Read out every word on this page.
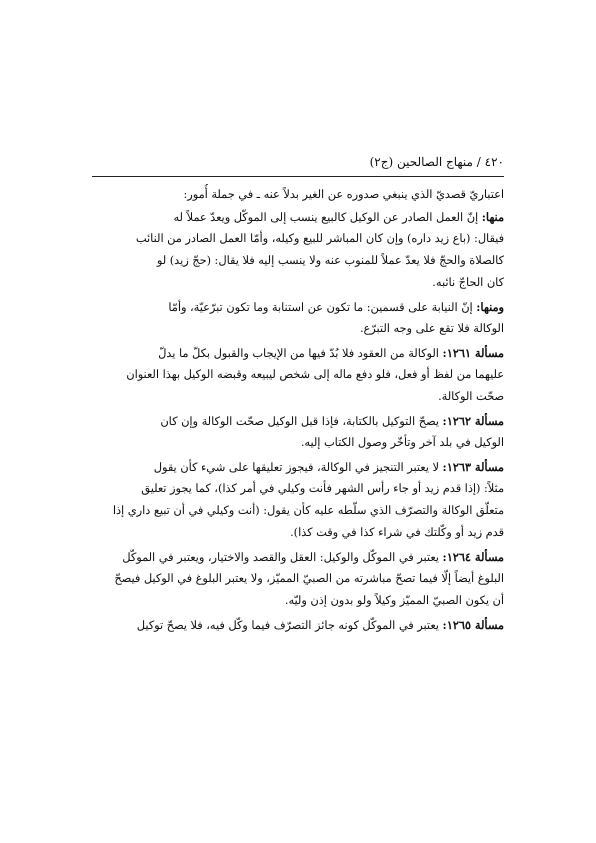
٤٢٠ / منهاج الصالحين (ج٢)
اعتباريّ قصديّ الذي ينبغي صدوره عن الغير بدلاً عنه ـ في جملة أُمور:
منها: إنّ العمل الصادر عن الوكيل كالبيع ينسب إلى الموكّل ويعدّ عملاً له
فيقال: (باع زيد داره) وإن كان المباشر للبيع وكيله، وأمّا العمل الصادر من النائب
كالصلاة والحجّ فلا يعدّ عملاً للمنوب عنه ولا ينسب إليه فلا يقال: (حجّ زيد) لو
كان الحاجّ نائبه.
ومنها: إنّ النيابة على قسمين: ما تكون عن استنابة وما تكون تبرّعيّة، وأمّا
الوكالة فلا تقع على وجه التبرّع.
مسألة ١٢٦١: الوكالة من العقود فلا بُدّ فيها من الإيجاب والقبول بكلّ ما يدلّ
عليهما من لفظ أو فعل، فلو دفع ماله إلى شخص ليبيعه وقبضه الوكيل بهذا العنوان
صحّت الوكالة.
مسألة ١٢٦٢: يصحّ التوكيل بالكتابة، فإذا قبل الوكيل صحّت الوكالة وإن كان
الوكيل في بلد آخر وتأخّر وصول الكتاب إليه.
مسألة ١٢٦٣: لا يعتبر التنجيز في الوكالة، فيجوز تعليقها على شيء كأن يقول
مثلاً: (إذا قدم زيد أو جاء رأس الشهر فأنت وكيلي في أمر كذا)، كما يجوز تعليق
متعلّق الوكالة والتصرّف الذي سلّطه عليه كأن يقول: (أنت وكيلي في أن تبيع داري إذا
قدم زيد أو وكّلتك في شراء كذا في وقت كذا).
مسألة ١٢٦٤: يعتبر في الموكّل والوكيل: العقل والقصد والاختيار، ويعتبر في الموكّل
البلوغ أيضاً إلّا فيما تصحّ مباشرته من الصبيّ المميّز، ولا يعتبر البلوغ في الوكيل فيصحّ
أن يكون الصبيّ المميّز وكيلاً ولو بدون إذن وليّه.
مسألة ١٢٦٥: يعتبر في الموكّل كونه جائز التصرّف فيما وكّل فيه، فلا يصحّ توكيل
